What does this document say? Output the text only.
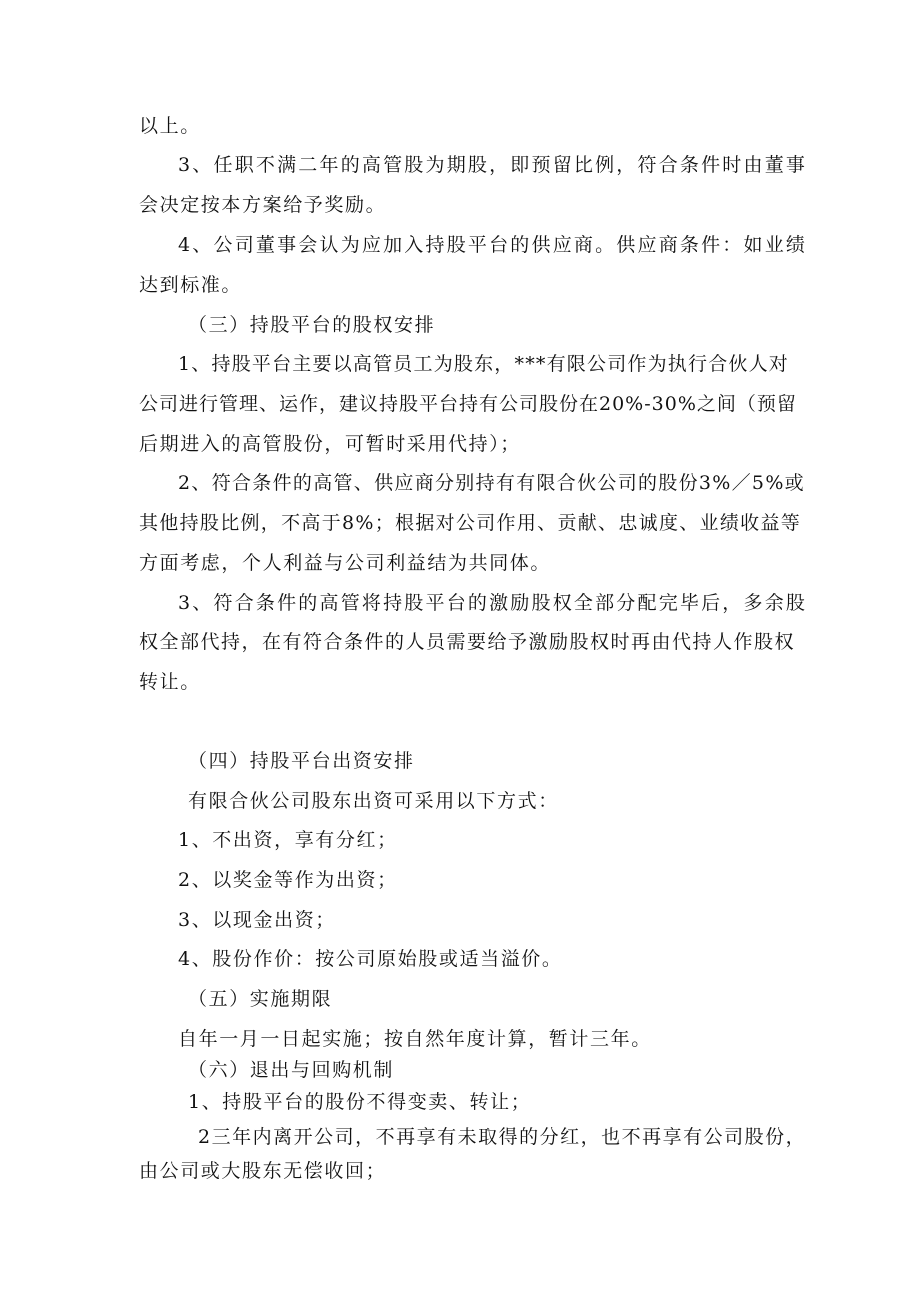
以上。
3、任职不满二年的高管股为期股，即预留比例，符合条件时由董事
会决定按本方案给予奖励。
4、公司董事会认为应加入持股平台的供应商。供应商条件：如业绩
达到标准。
（三）持股平台的股权安排
1、持股平台主要以高管员工为股东，***有限公司作为执行合伙人对
公司进行管理、运作，建议持股平台持有公司股份在20%-30%之间（预留
后期进入的高管股份，可暂时采用代持）；
2、符合条件的高管、供应商分别持有有限合伙公司的股份3%／5%或
其他持股比例，不高于8%；根据对公司作用、贡献、忠诚度、业绩收益等
方面考虑，个人利益与公司利益结为共同体。
3、符合条件的高管将持股平台的激励股权全部分配完毕后，多余股
权全部代持，在有符合条件的人员需要给予激励股权时再由代持人作股权
转让。
（四）持股平台出资安排
有限合伙公司股东出资可采用以下方式：
1、不出资，享有分红；
2、以奖金等作为出资；
3、以现金出资；
4、股份作价：按公司原始股或适当溢价。
（五）实施期限
自年一月一日起实施；按自然年度计算，暂计三年。
（六）退出与回购机制
1、持股平台的股份不得变卖、转让；
2三年内离开公司，不再享有未取得的分红，也不再享有公司股份，
由公司或大股东无偿收回；
